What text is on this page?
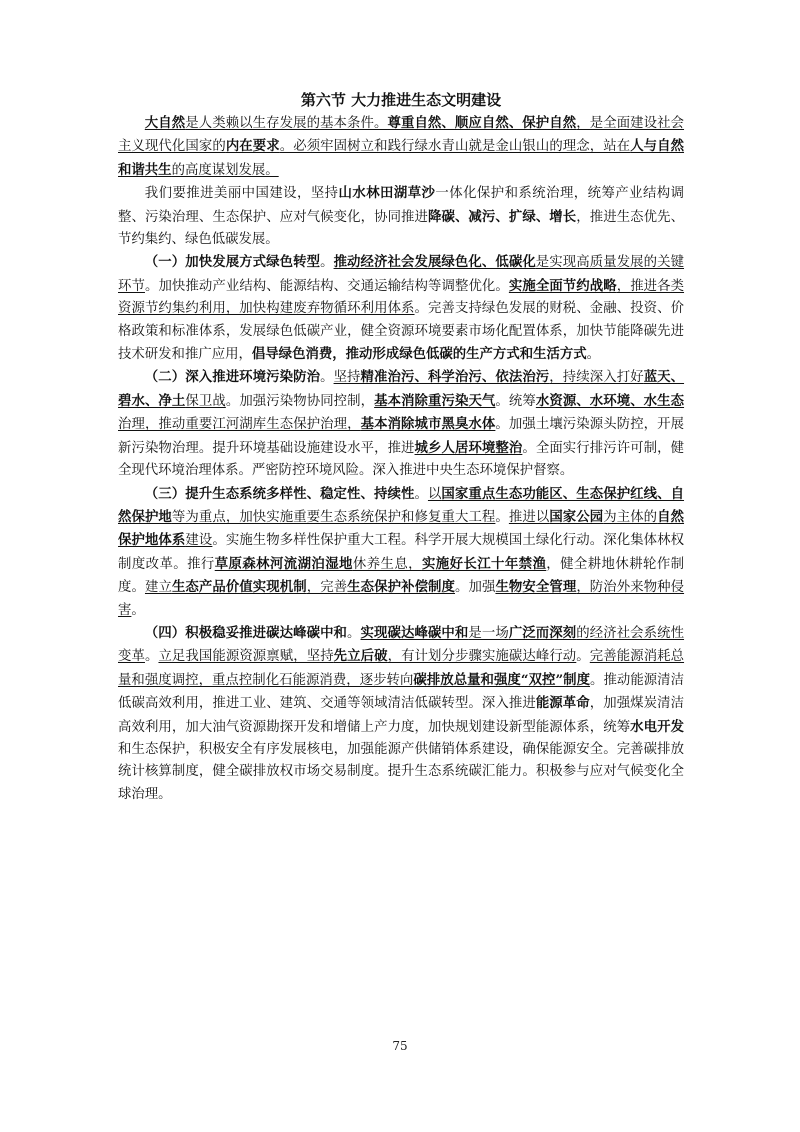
第六节 大力推进生态文明建设

大自然是人类赖以生存发展的基本条件。尊重自然、顺应自然、保护自然，是全面建设社会主义现代化国家的内在要求。必须牢固树立和践行绿水青山就是金山银山的理念，站在人与自然和谐共生的高度谋划发展。

我们要推进美丽中国建设，坚持山水林田湖草沙一体化保护和系统治理，统筹产业结构调整、污染治理、生态保护、应对气候变化，协同推进降碳、减污、扩绿、增长，推进生态优先、节约集约、绿色低碳发展。

（一）加快发展方式绿色转型。推动经济社会发展绿色化、低碳化是实现高质量发展的关键环节。加快推动产业结构、能源结构、交通运输结构等调整优化。实施全面节约战略，推进各类资源节约集约利用，加快构建废弃物循环利用体系。完善支持绿色发展的财税、金融、投资、价格政策和标准体系，发展绿色低碳产业，健全资源环境要素市场化配置体系，加快节能降碳先进技术研发和推广应用，倡导绿色消费，推动形成绿色低碳的生产方式和生活方式。

（二）深入推进环境污染防治。坚持精准治污、科学治污、依法治污，持续深入打好蓝天、碧水、净土保卫战。加强污染物协同控制，基本消除重污染天气。统筹水资源、水环境、水生态治理，推动重要江河湖库生态保护治理，基本消除城市黑臭水体。加强土壤污染源头防控，开展新污染物治理。提升环境基础设施建设水平，推进城乡人居环境整治。全面实行排污许可制，健全现代环境治理体系。严密防控环境风险。深入推进中央生态环境保护督察。

（三）提升生态系统多样性、稳定性、持续性。以国家重点生态功能区、生态保护红线、自然保护地等为重点，加快实施重要生态系统保护和修复重大工程。推进以国家公园为主体的自然保护地体系建设。实施生物多样性保护重大工程。科学开展大规模国土绿化行动。深化集体林权制度改革。推行草原森林河流湖泊湿地休养生息，实施好长江十年禁渔，健全耕地休耕轮作制度。建立生态产品价值实现机制，完善生态保护补偿制度。加强生物安全管理，防治外来物种侵害。

（四）积极稳妥推进碳达峰碳中和。实现碳达峰碳中和是一场广泛而深刻的经济社会系统性变革。立足我国能源资源禀赋，坚持先立后破，有计划分步骤实施碳达峰行动。完善能源消耗总量和强度调控，重点控制化石能源消费，逐步转向碳排放总量和强度“双控”制度。推动能源清洁低碳高效利用，推进工业、建筑、交通等领域清洁低碳转型。深入推进能源革命，加强煤炭清洁高效利用，加大油气资源勘探开发和增储上产力度，加快规划建设新型能源体系，统筹水电开发和生态保护，积极安全有序发展核电，加强能源产供储销体系建设，确保能源安全。完善碳排放统计核算制度，健全碳排放权市场交易制度。提升生态系统碳汇能力。积极参与应对气候变化全球治理。

75
